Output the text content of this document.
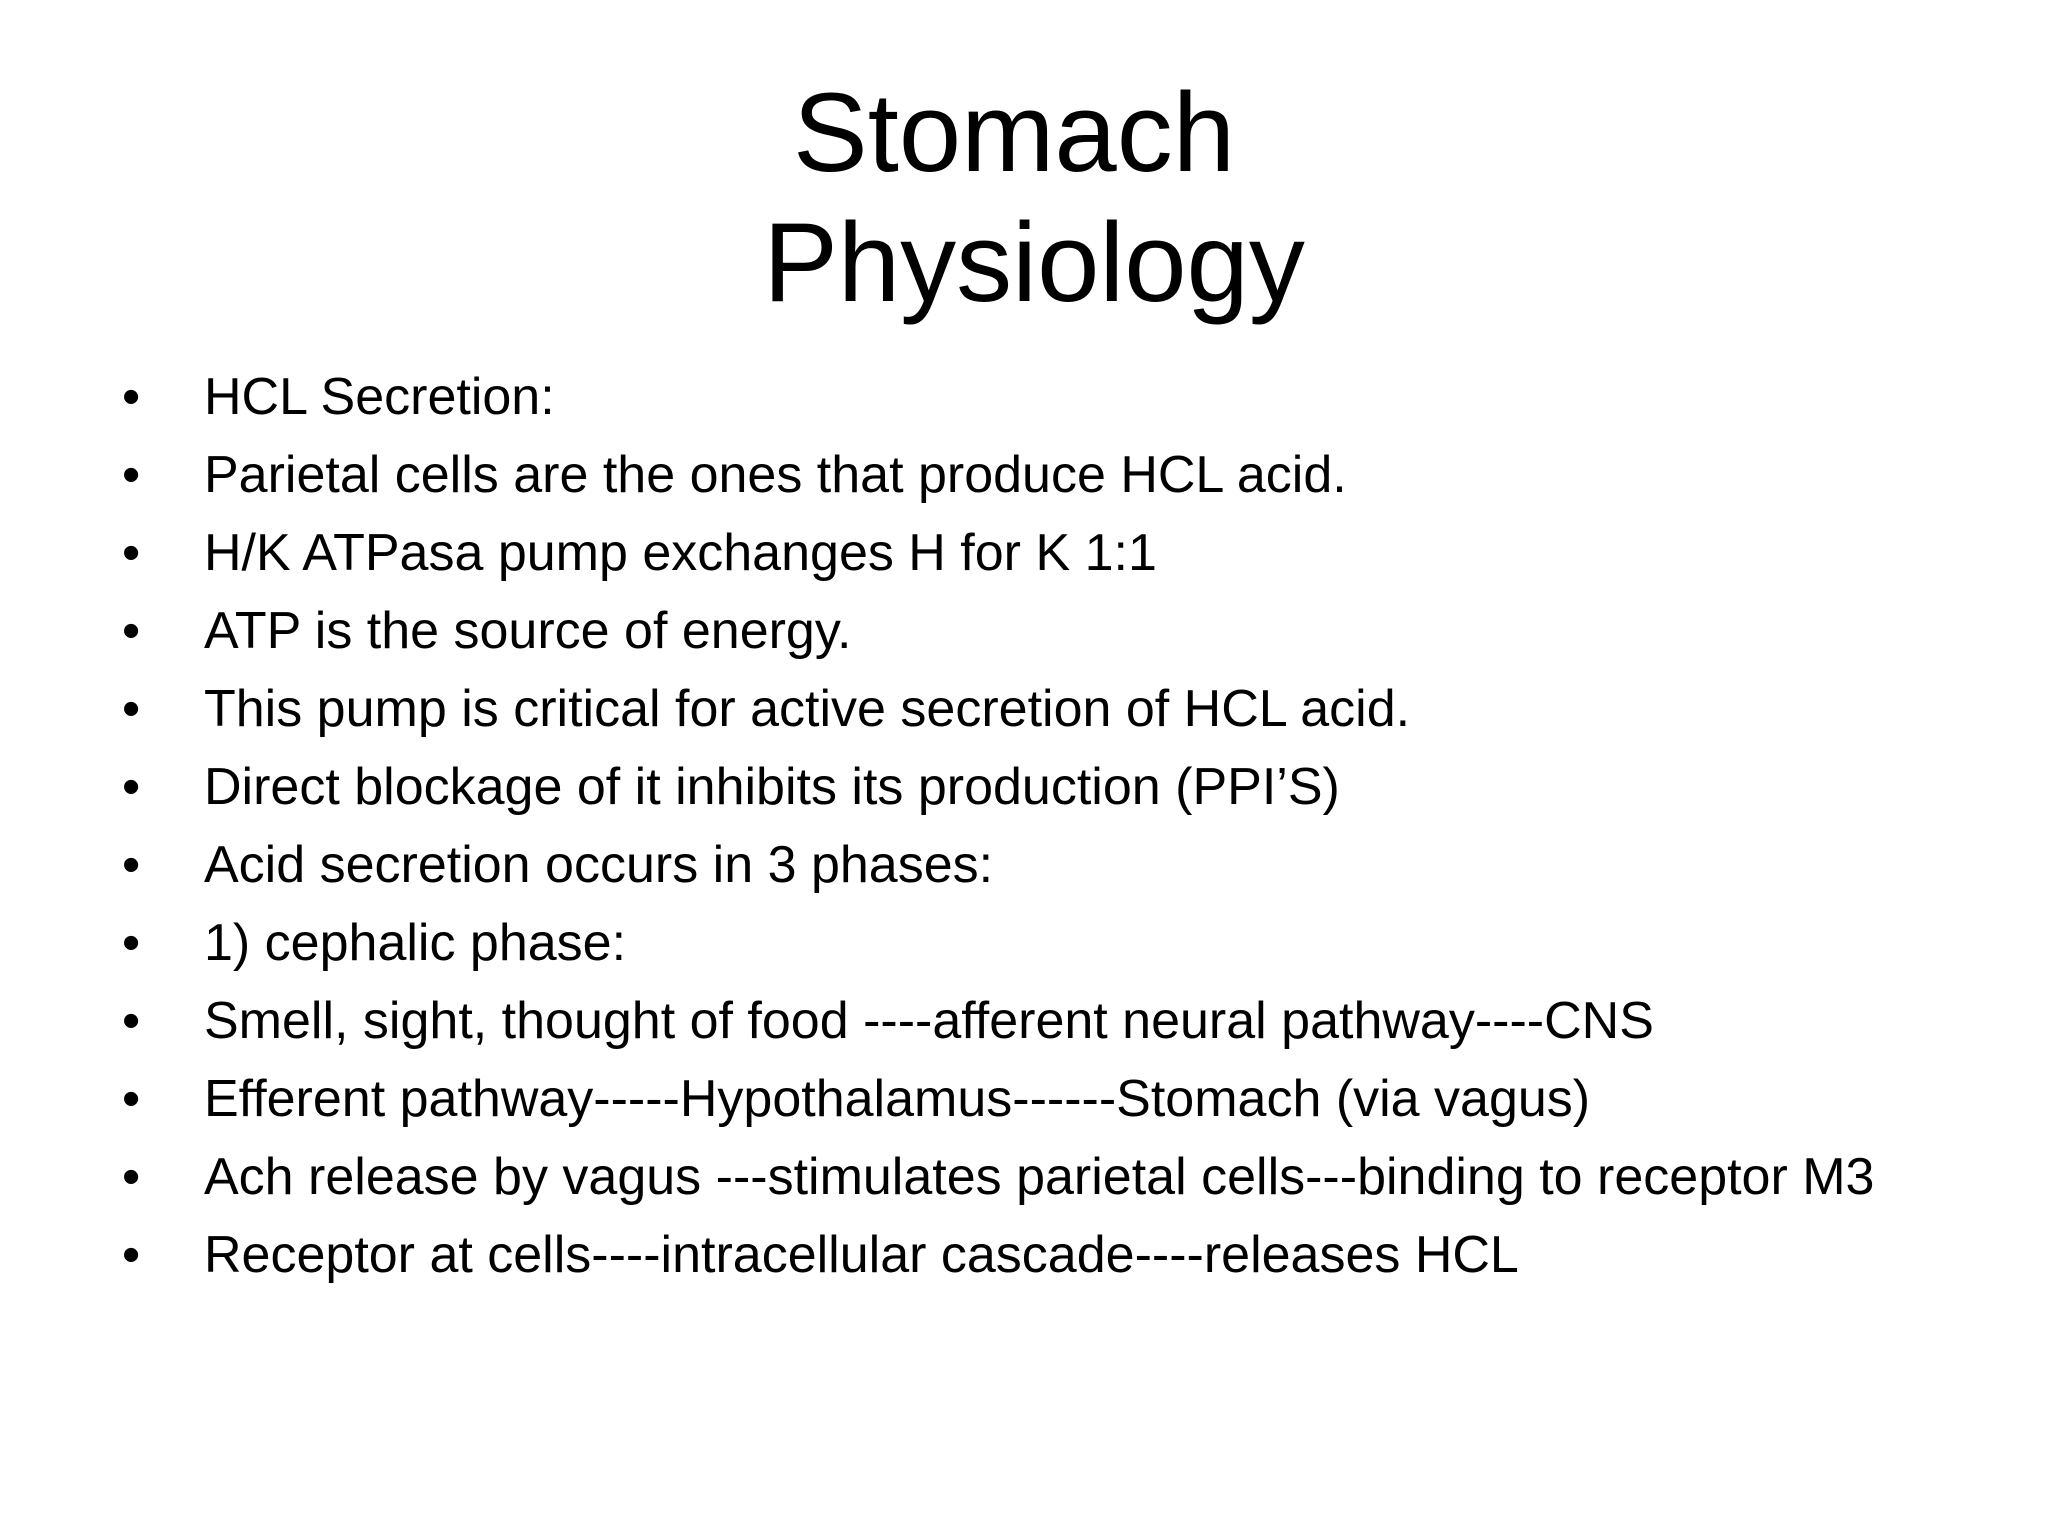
Stomach
Physiology
• HCL Secretion:
• Parietal cells are the ones that produce HCL acid.
• H/K ATPasa pump exchanges H for K 1:1
• ATP is the source of energy.
• This pump is critical for active secretion of HCL acid.
• Direct blockage of it inhibits its production (PPI’S)
• Acid secretion occurs in 3 phases:
• 1) cephalic phase:
• Smell, sight, thought of food ----afferent neural pathway----CNS
• Efferent pathway-----Hypothalamus------Stomach (via vagus)
• Ach release by vagus ---stimulates parietal cells---binding to receptor M3
• Receptor at cells----intracellular cascade----releases HCL
